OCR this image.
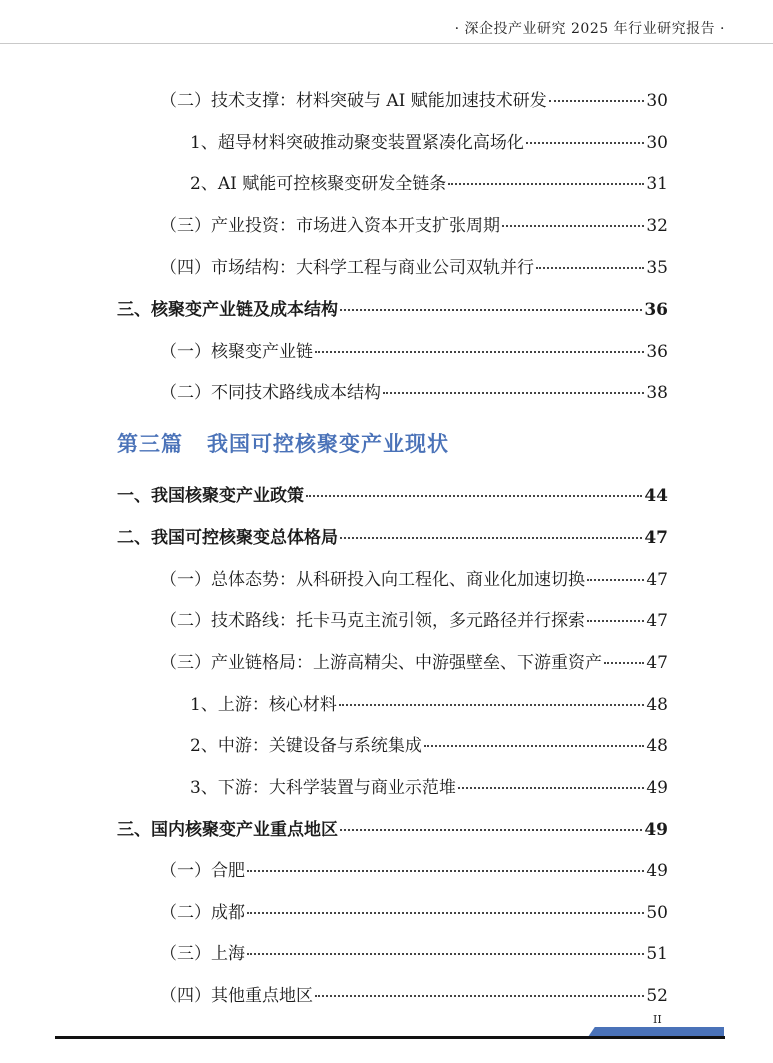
· 深企投产业研究 2025 年行业研究报告 ·
（二）技术支撑：材料突破与 AI 赋能加速技术研发	30
1、超导材料突破推动聚变装置紧凑化高场化	30
2、AI 赋能可控核聚变研发全链条	31
（三）产业投资：市场进入资本开支扩张周期	32
（四）市场结构：大科学工程与商业公司双轨并行	35
三、核聚变产业链及成本结构	36
（一）核聚变产业链	36
（二）不同技术路线成本结构	38
第三篇 我国可控核聚变产业现状
一、我国核聚变产业政策	44
二、我国可控核聚变总体格局	47
（一）总体态势：从科研投入向工程化、商业化加速切换	47
（二）技术路线：托卡马克主流引领，多元路径并行探索	47
（三）产业链格局：上游高精尖、中游强壁垒、下游重资产	47
1、上游：核心材料	48
2、中游：关键设备与系统集成	48
3、下游：大科学装置与商业示范堆	49
三、国内核聚变产业重点地区	49
（一）合肥	49
（二）成都	50
（三）上海	51
（四）其他重点地区	52
II
